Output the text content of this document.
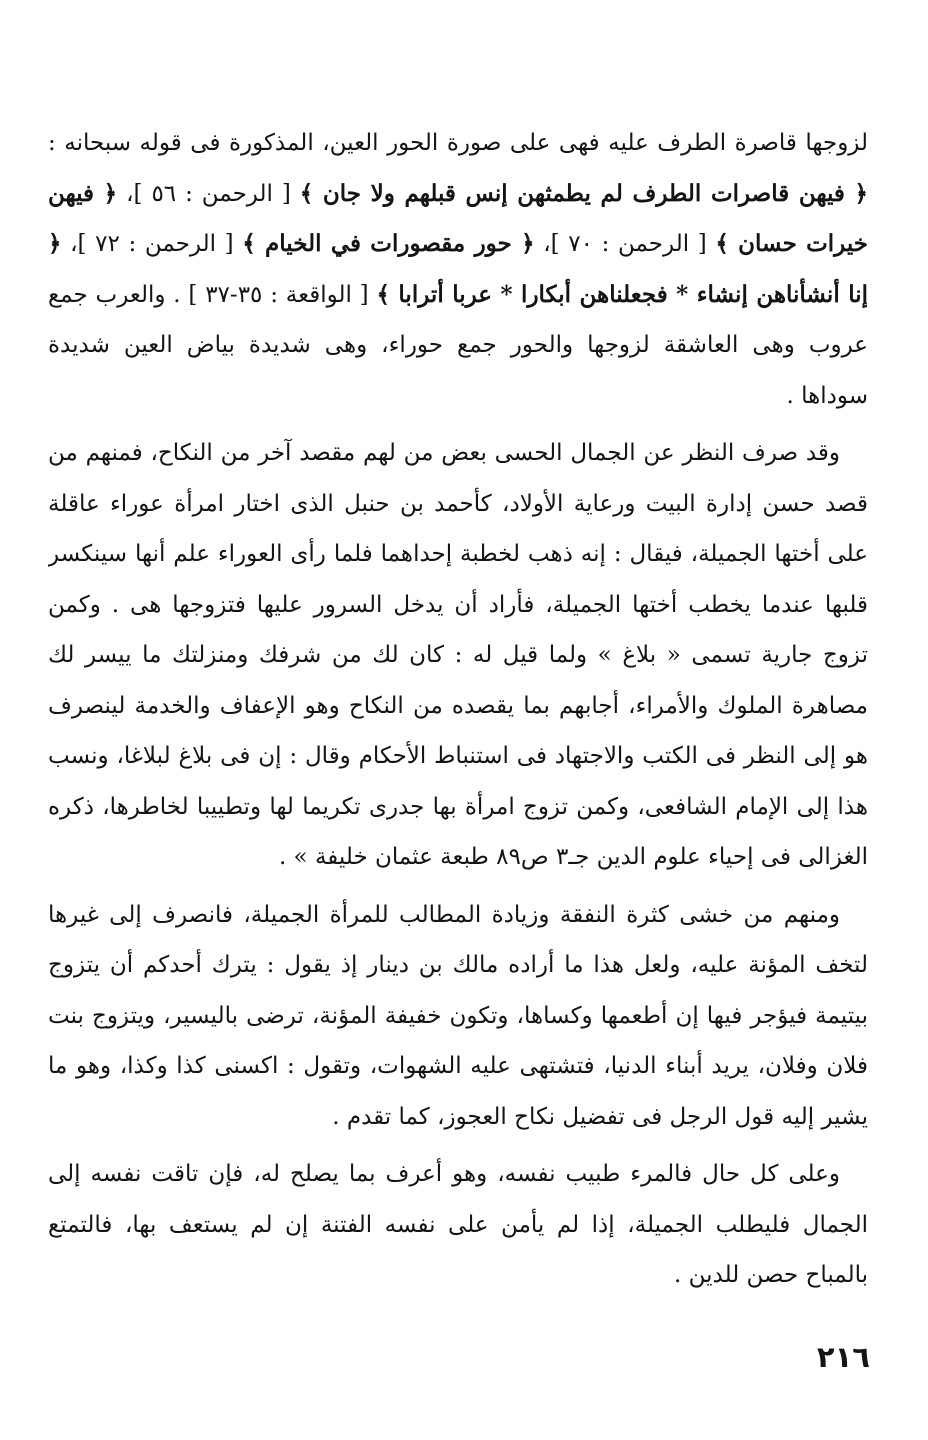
لزوجها قاصرة الطرف عليه فهى على صورة الحور العين، المذكورة فى قوله سبحانه : ﴿ فيهن قاصرات الطرف لم يطمثهن إنس قبلهم ولا جان ﴾ [ الرحمن : ٥٦ ]، ﴿ فيهن خيرات حسان ﴾ [ الرحمن : ٧٠ ]، ﴿ حور مقصورات في الخيام ﴾ [ الرحمن : ٧٢ ]، ﴿ إنا أنشأناهن إنشاء * فجعلناهن أبكارا * عربا أترابا ﴾ [ الواقعة : ٣٥-٣٧ ] . والعرب جمع عروب وهى العاشقة لزوجها والحور جمع حوراء، وهى شديدة بياض العين شديدة سوداها .

وقد صرف النظر عن الجمال الحسى بعض من لهم مقصد آخر من النكاح، فمنهم من قصد حسن إدارة البيت ورعاية الأولاد، كأحمد بن حنبل الذى اختار امرأة عوراء عاقلة على أختها الجميلة، فيقال : إنه ذهب لخطبة إحداهما فلما رأى العوراء علم أنها سينكسر قلبها عندما يخطب أختها الجميلة، فأراد أن يدخل السرور عليها فتزوجها هى . وكمن تزوج جارية تسمى « بلاغ » ولما قيل له : كان لك من شرفك ومنزلتك ما ييسر لك مصاهرة الملوك والأمراء، أجابهم بما يقصده من النكاح وهو الإعفاف والخدمة لينصرف هو إلى النظر فى الكتب والاجتهاد فى استنباط الأحكام وقال : إن فى بلاغ لبلاغا، ونسب هذا إلى الإمام الشافعى، وكمن تزوج امرأة بها جدرى تكريما لها وتطييبا لخاطرها، ذكره الغزالى فى إحياء علوم الدين جـ٣ ص٨٩ طبعة عثمان خليفة » .

ومنهم من خشى كثرة النفقة وزيادة المطالب للمرأة الجميلة، فانصرف إلى غيرها لتخف المؤنة عليه، ولعل هذا ما أراده مالك بن دينار إذ يقول : يترك أحدكم أن يتزوج بيتيمة فيؤجر فيها إن أطعمها وكساها، وتكون خفيفة المؤنة، ترضى باليسير، ويتزوج بنت فلان وفلان، يريد أبناء الدنيا، فتشتهى عليه الشهوات، وتقول : اكسنى كذا وكذا، وهو ما يشير إليه قول الرجل فى تفضيل نكاح العجوز، كما تقدم .

وعلى كل حال فالمرء طبيب نفسه، وهو أعرف بما يصلح له، فإن تاقت نفسه إلى الجمال فليطلب الجميلة، إذا لم يأمن على نفسه الفتنة إن لم يستعف بها، فالتمتع بالمباح حصن للدين .

٢١٦
